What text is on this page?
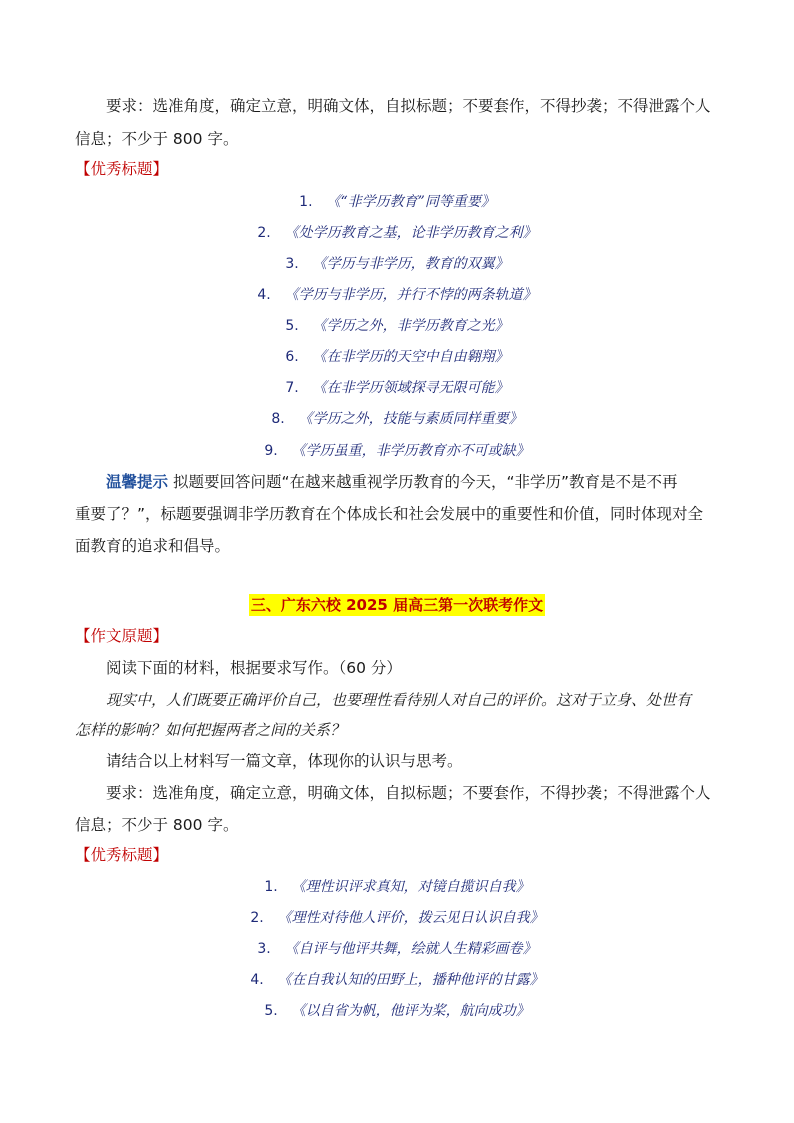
要求：选准角度，确定立意，明确文体，自拟标题；不要套作，不得抄袭；不得泄露个人
信息；不少于 800 字。
【优秀标题】
1. 《“非学历教育”同等重要》
2. 《处学历教育之基，论非学历教育之利》
3. 《学历与非学历，教育的双翼》
4. 《学历与非学历，并行不悖的两条轨道》
5. 《学历之外，非学历教育之光》
6. 《在非学历的天空中自由翱翔》
7. 《在非学历领域探寻无限可能》
8. 《学历之外，技能与素质同样重要》
9. 《学历虽重，非学历教育亦不可或缺》
温馨提示 拟题要回答问题“在越来越重视学历教育的今天，“非学历”教育是不是不再
重要了？”，标题要强调非学历教育在个体成长和社会发展中的重要性和价值，同时体现对全
面教育的追求和倡导。
三、广东六校 2025 届高三第一次联考作文
【作文原题】
阅读下面的材料，根据要求写作。（60 分）
现实中，人们既要正确评价自己，也要理性看待别人对自己的评价。这对于立身、处世有
怎样的影响？如何把握两者之间的关系？
请结合以上材料写一篇文章，体现你的认识与思考。
要求：选准角度，确定立意，明确文体，自拟标题；不要套作，不得抄袭；不得泄露个人
信息；不少于 800 字。
【优秀标题】
1. 《理性识评求真知，对镜自揽识自我》
2. 《理性对待他人评价，拨云见日认识自我》
3. 《自评与他评共舞，绘就人生精彩画卷》
4. 《在自我认知的田野上，播种他评的甘露》
5. 《以自省为帆，他评为桨，航向成功》
